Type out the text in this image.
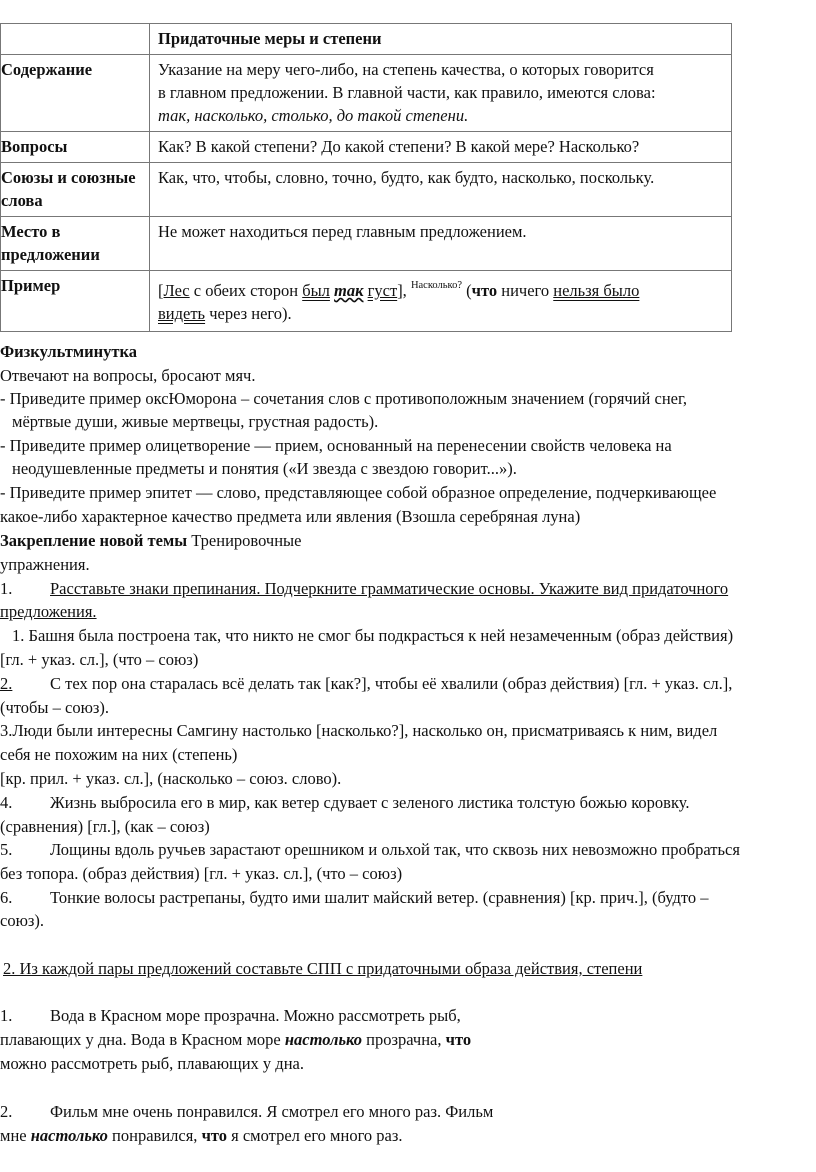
	Придаточные меры и степени
Содержание	Указание на меру чего-либо, на степень качества, о которых говорится
в главном предложении. В главной части, как правило, имеются слова:
так, насколько, столько, до такой степени.
Вопросы	Как? В какой степени? До какой степени? В какой мере? Насколько?
Союзы и союзные
слова	Как, что, чтобы, словно, точно, будто, как будто, насколько, поскольку.
Место в
предложении	Не может находиться перед главным предложением.
Пример	[Лес с обеих сторон был так густ], $^{Насколько?}$ (что ничего нельзя было
видеть через него).
Физкультминутка
Отвечают на вопросы, бросают мяч.
- Приведите пример оксЮморона – сочетания слов с противоположным значением (горячий снег,
мёртвые души, живые мертвецы, грустная радость).
- Приведите пример олицетворение — прием, основанный на перенесении свойств человека на
неодушевленные предметы и понятия («И звезда с звездою говорит...»).
- Приведите пример эпитет — слово, представляющее собой образное определение, подчеркивающее
какое-либо характерное качество предмета или явления (Взошла серебряная луна)
Закрепление новой темы Тренировочные
упражнения.
1. Расставьте знаки препинания. Подчеркните грамматические основы. Укажите вид придаточного
предложения.
1. Башня была построена так, что никто не смог бы подкрасться к ней незамеченным (образ действия)
[гл. + указ. сл.], (что – союз)
2. С тех пор она старалась всё делать так [как?], чтобы её хвалили (образ действия) [гл. + указ. сл.],
(чтобы – союз).
3.Люди были интересны Самгину настолько [насколько?], насколько он, присматриваясь к ним, видел
себя не похожим на них (степень)
[кр. прил. + указ. сл.], (насколько – союз. слово).
4. Жизнь выбросила его в мир, как ветер сдувает с зеленого листика толстую божью коровку.
(сравнения) [гл.], (как – союз)
5. Лощины вдоль ручьев зарастают орешником и ольхой так, что сквозь них невозможно пробраться
без топора. (образ действия) [гл. + указ. сл.], (что – союз)
6. Тонкие волосы растрепаны, будто ими шалит майский ветер. (сравнения) [кр. прич.], (будто –
союз).
2. Из каждой пары предложений составьте СПП с придаточными образа действия, степени
1. Вода в Красном море прозрачна. Можно рассмотреть рыб,
плавающих у дна. Вода в Красном море настолько прозрачна, что
можно рассмотреть рыб, плавающих у дна.
2. Фильм мне очень понравился. Я смотрел его много раз. Фильм
мне настолько понравился, что я смотрел его много раз.
